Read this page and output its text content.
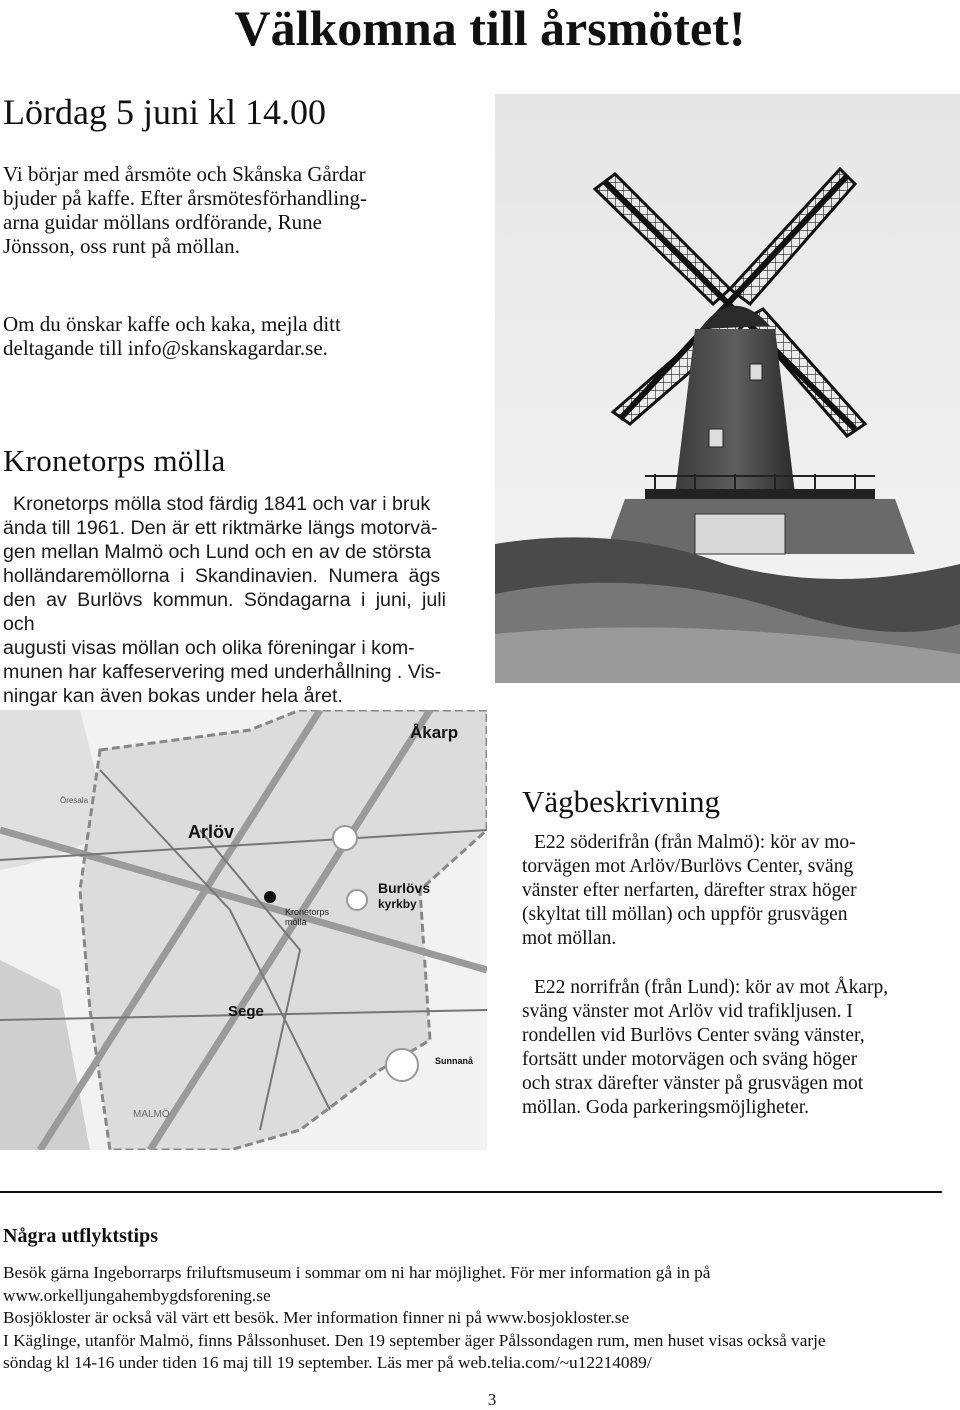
Välkomna till årsmötet!
Lördag 5 juni kl 14.00
Vi börjar med årsmöte och Skånska Gårdar
bjuder på kaffe. Efter årsmötesförhandling-
arna guidar möllans ordförande, Rune
Jönsson, oss runt på möllan.
Om du önskar kaffe och kaka, mejla ditt
deltagande till info@skanskagardar.se.
Kronetorps mölla
Kronetorps mölla stod färdig 1841 och var i bruk
ända till 1961. Den är ett riktmärke längs motorvä-
gen mellan Malmö och Lund och en av de största
holländaremöllorna i Skandinavien. Numera ägs
den av Burlövs kommun. Söndagarna i juni, juli och
augusti visas möllan och olika föreningar i kom-
munen har kaffeservering med underhållning . Vis-
ningar kan även bokas under hela året.
Åkarp
Arlöv
Burlövs
kyrkby
Kronetorps
mölla
Sege
Sunnanå
MALMÖ
Öresala	Vägbeskrivning
E22 söderifrån (från Malmö): kör av mo-
torvägen mot Arlöv/Burlövs Center, sväng
vänster efter nerfarten, därefter strax höger
(skyltat till möllan) och uppför grusvägen
mot möllan.
E22 norrifrån (från Lund): kör av mot Åkarp,
sväng vänster mot Arlöv vid trafikljusen. I
rondellen vid Burlövs Center sväng vänster,
fortsätt under motorvägen och sväng höger
och strax därefter vänster på grusvägen mot
möllan. Goda parkeringsmöjligheter.
Några utflyktstips
Besök gärna Ingeborrarps friluftsmuseum i sommar om ni har möjlighet. För mer information gå in på
www.orkelljungahembygdsforening.se
Bosjökloster är också väl värt ett besök. Mer information finner ni på www.bosjokloster.se
I Käglinge, utanför Malmö, finns Pålssonhuset. Den 19 september äger Pålssondagen rum, men huset visas också varje
söndag kl 14-16 under tiden 16 maj till 19 september. Läs mer på web.telia.com/~u12214089/
3
